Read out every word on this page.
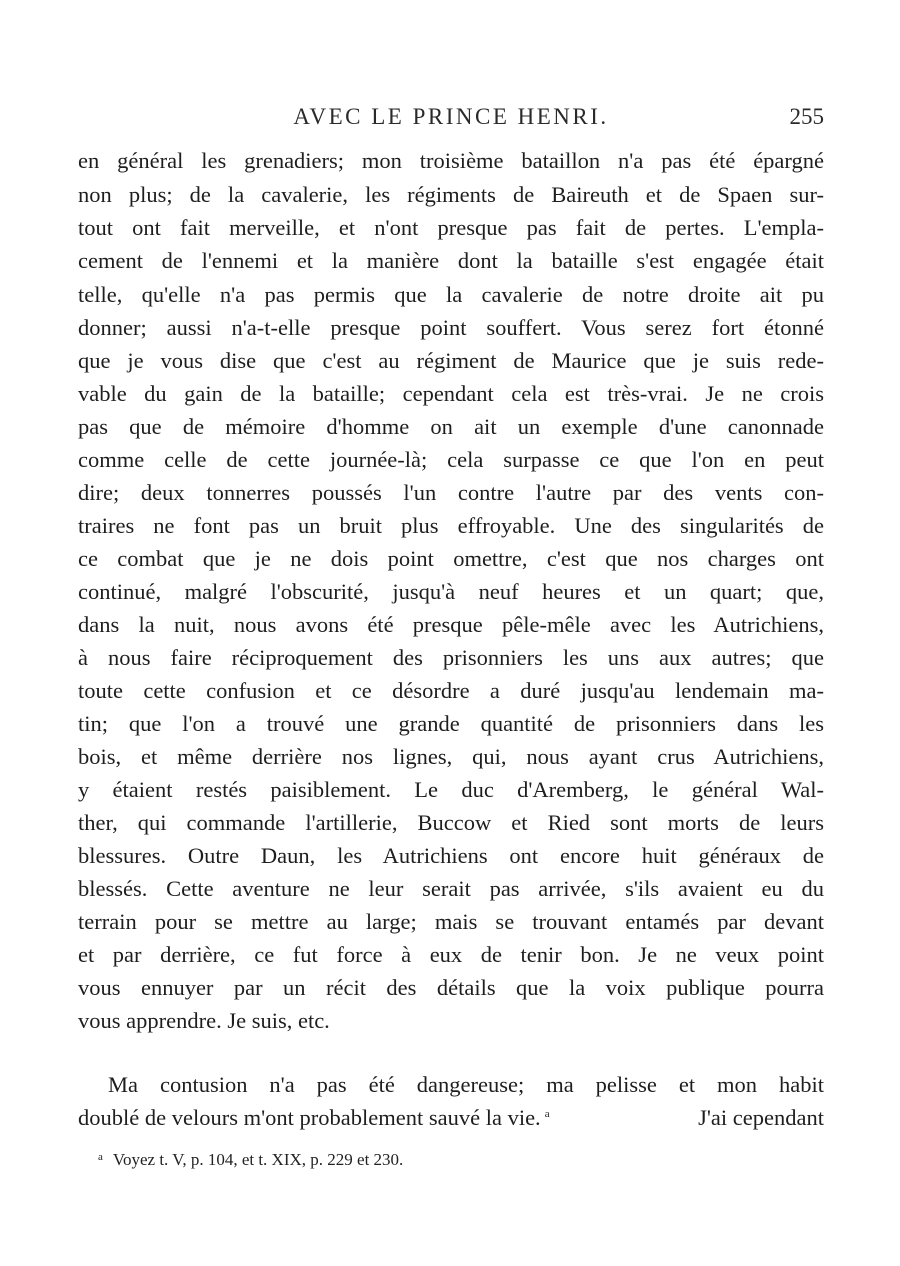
AVEC LE PRINCE HENRI.	255
en général les grenadiers; mon troisième bataillon n'a pas été épargné
non plus; de la cavalerie, les régiments de Baireuth et de Spaen sur-
tout ont fait merveille, et n'ont presque pas fait de pertes. L'empla-
cement de l'ennemi et la manière dont la bataille s'est engagée était
telle, qu'elle n'a pas permis que la cavalerie de notre droite ait pu
donner; aussi n'a-t-elle presque point souffert. Vous serez fort étonné
que je vous dise que c'est au régiment de Maurice que je suis rede-
vable du gain de la bataille; cependant cela est très-vrai. Je ne crois
pas que de mémoire d'homme on ait un exemple d'une canonnade
comme celle de cette journée-là; cela surpasse ce que l'on en peut
dire; deux tonnerres poussés l'un contre l'autre par des vents con-
traires ne font pas un bruit plus effroyable. Une des singularités de
ce combat que je ne dois point omettre, c'est que nos charges ont
continué, malgré l'obscurité, jusqu'à neuf heures et un quart; que,
dans la nuit, nous avons été presque pêle-mêle avec les Autrichiens,
à nous faire réciproquement des prisonniers les uns aux autres; que
toute cette confusion et ce désordre a duré jusqu'au lendemain ma-
tin; que l'on a trouvé une grande quantité de prisonniers dans les
bois, et même derrière nos lignes, qui, nous ayant crus Autrichiens,
y étaient restés paisiblement. Le duc d'Aremberg, le général Wal-
ther, qui commande l'artillerie, Buccow et Ried sont morts de leurs
blessures. Outre Daun, les Autrichiens ont encore huit généraux de
blessés. Cette aventure ne leur serait pas arrivée, s'ils avaient eu du
terrain pour se mettre au large; mais se trouvant entamés par devant
et par derrière, ce fut force à eux de tenir bon. Je ne veux point
vous ennuyer par un récit des détails que la voix publique pourra
vous apprendre. Je suis, etc.
Ma contusion n'a pas été dangereuse; ma pelisse et mon habit
doublé de velours m'ont probablement sauvé la vie. $^a$	J'ai cependant
$^a$ Voyez t. V, p. 104, et t. XIX, p. 229 et 230.
